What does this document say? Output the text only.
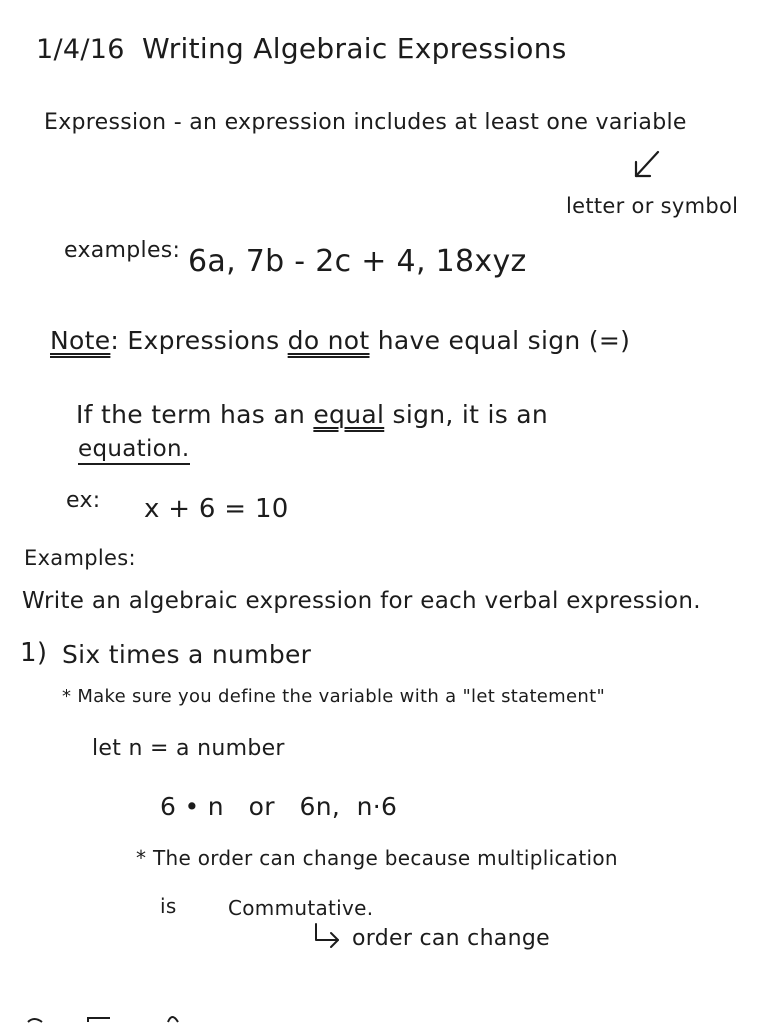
1/4/16 Writing Algebraic Expressions
Expression - an expression includes at least one variable
letter or symbol
examples: 6a, 7b - 2c + 4, 18xyz
Note: Expressions do not have equal sign (=)
If the term has an equal sign, it is an
equation.
ex: x + 6 = 10
Examples:
Write an algebraic expression for each verbal expression.
1) Six times a number
* Make sure you define the variable with a "let statement"
let n = a number
6 • n   or   6n,  n·6
* The order can change because multiplication
is	Commutative.
order can change
